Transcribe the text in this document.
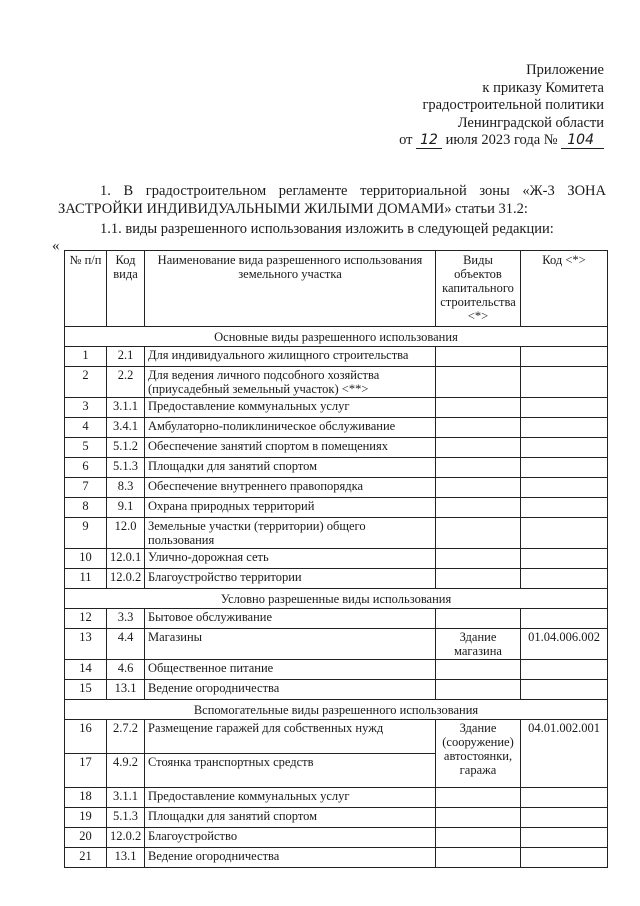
Приложение
к приказу Комитета
градостроительной политики
Ленинградской области
от 12 июля 2023 года № 104
1. В градостроительном регламенте территориальной зоны «Ж-3 ЗОНА
ЗАСТРОЙКИ ИНДИВИДУАЛЬНЫМИ ЖИЛЫМИ ДОМАМИ» статьи 31.2:
1.1. виды разрешенного использования изложить в следующей редакции:
«
№ п/п	Код вида	Наименование вида разрешенного использования земельного участка	Виды объектов капитального строительства <*>	Код <*>
Основные виды разрешенного использования				
1	2.1	Для индивидуального жилищного строительства		
2	2.2	Для ведения личного подсобного хозяйства (приусадебный земельный участок) <**>		
3	3.1.1	Предоставление коммунальных услуг		
4	3.4.1	Амбулаторно-поликлиническое обслуживание		
5	5.1.2	Обеспечение занятий спортом в помещениях		
6	5.1.3	Площадки для занятий спортом		
7	8.3	Обеспечение внутреннего правопорядка		
8	9.1	Охрана природных территорий		
9	12.0	Земельные участки (территории) общего пользования		
10	12.0.1	Улично-дорожная сеть		
11	12.0.2	Благоустройство территории		
Условно разрешенные виды использования				
12	3.3	Бытовое обслуживание		
13	4.4	Магазины	Здание магазина	01.04.006.002
14	4.6	Общественное питание		
15	13.1	Ведение огородничества		
Вспомогательные виды разрешенного использования				
16	2.7.2	Размещение гаражей для собственных нужд	Здание (сооружение) автостоянки, гаража	04.01.002.001
17	4.9.2	Стоянка транспортных средств		
18	3.1.1	Предоставление коммунальных услуг		
19	5.1.3	Площадки для занятий спортом		
20	12.0.2	Благоустройство		
21	13.1	Ведение огородничества		
